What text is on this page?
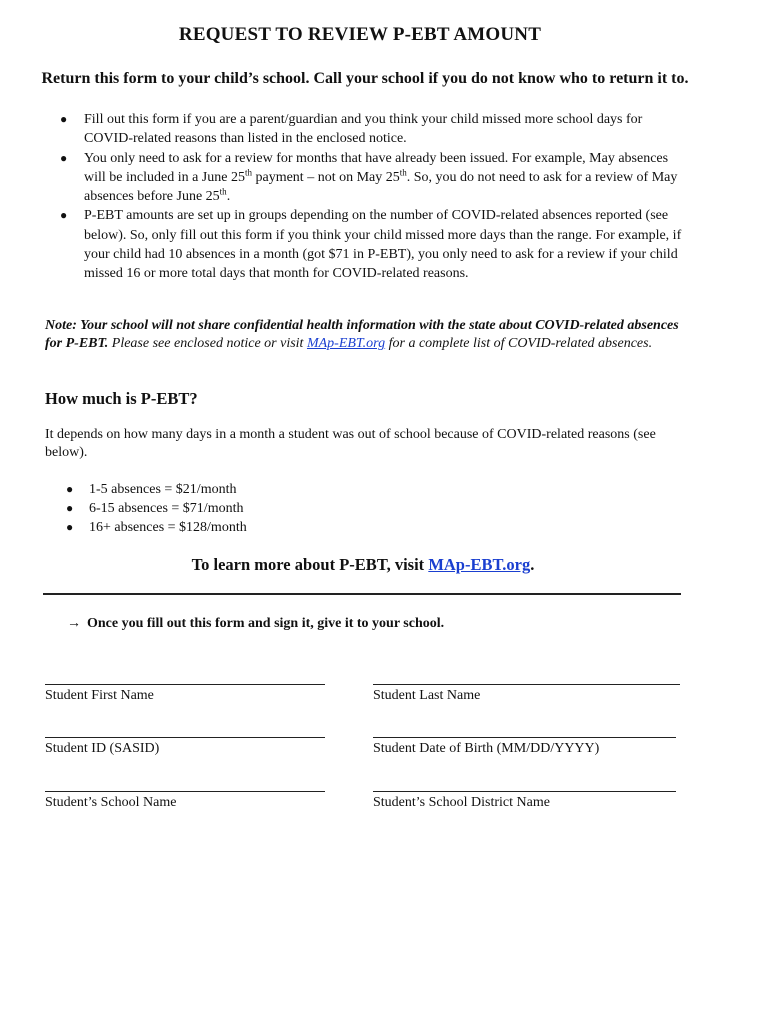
REQUEST TO REVIEW P-EBT AMOUNT
Return this form to your child’s school. Call your school if you do not know who to return it to.
● Fill out this form if you are a parent/guardian and you think your child missed more school days for COVID-related reasons than listed in the enclosed notice.
● You only need to ask for a review for months that have already been issued. For example, May absences will be included in a June 25th payment – not on May 25th. So, you do not need to ask for a review of May absences before June 25th.
● P-EBT amounts are set up in groups depending on the number of COVID-related absences reported (see below). So, only fill out this form if you think your child missed more days than the range. For example, if your child had 10 absences in a month (got $71 in P-EBT), you only need to ask for a review if your child missed 16 or more total days that month for COVID-related reasons.
Note: Your school will not share confidential health information with the state about COVID-related absences for P-EBT. Please see enclosed notice or visit MAp-EBT.org for a complete list of COVID-related absences.
How much is P-EBT?
It depends on how many days in a month a student was out of school because of COVID-related reasons (see below).
● 1-5 absences = $21/month
● 6-15 absences = $71/month
● 16+ absences = $128/month
To learn more about P-EBT, visit MAp-EBT.org.
→ Once you fill out this form and sign it, give it to your school.
Student First Name	Student Last Name
Student ID (SASID)	Student Date of Birth (MM/DD/YYYY)
Student’s School Name	Student’s School District Name
